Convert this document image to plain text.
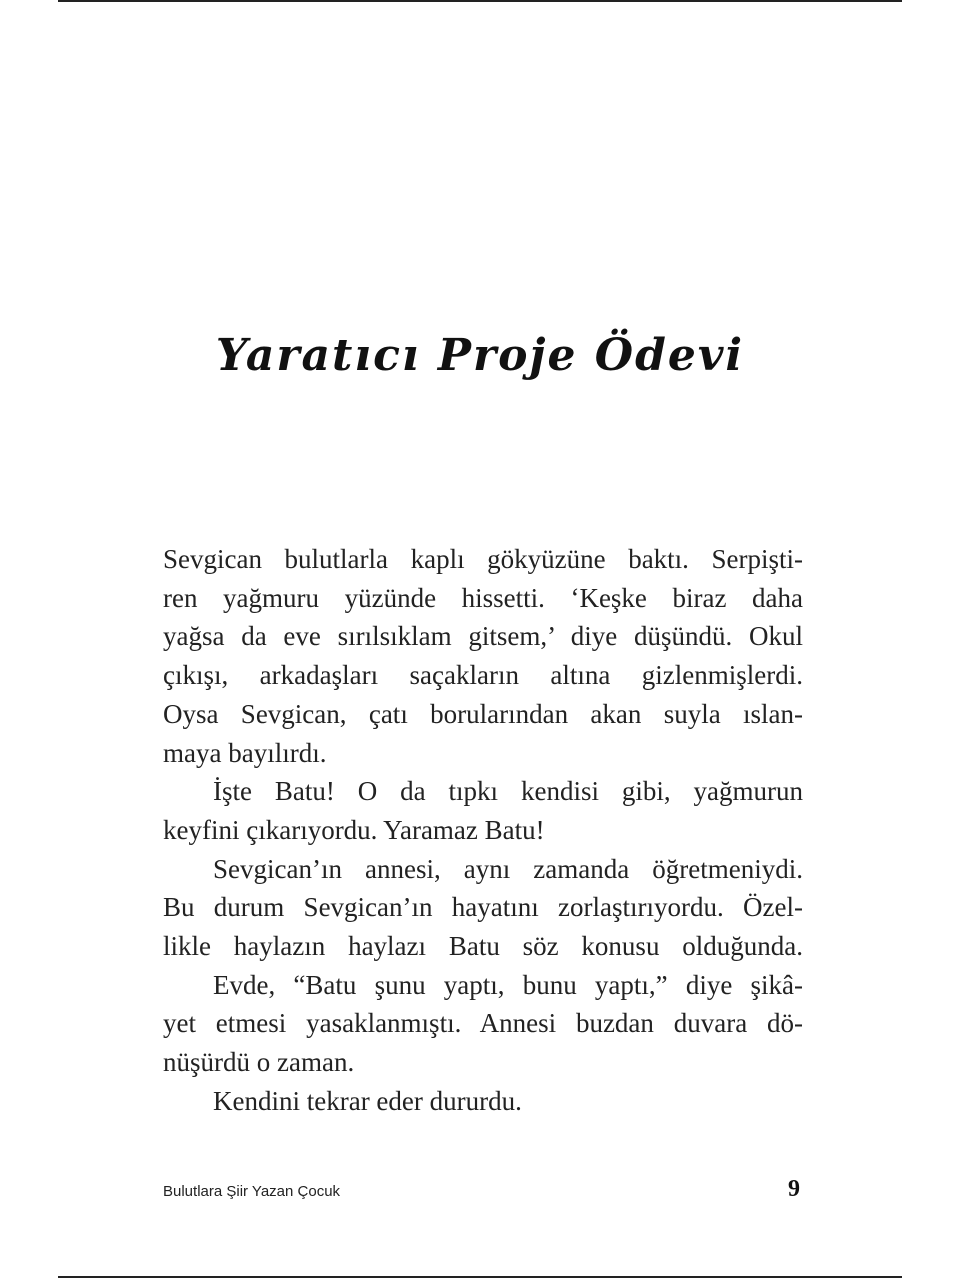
Yaratıcı Proje Ödevi
Sevgican bulutlarla kaplı gökyüzüne baktı. Serpişti-
ren yağmuru yüzünde hissetti. ‘Keşke biraz daha
yağsa da eve sırılsıklam gitsem,’ diye düşündü. Okul
çıkışı, arkadaşları saçakların altına gizlenmişlerdi.
Oysa Sevgican, çatı borularından akan suyla ıslan-
maya bayılırdı.
İşte Batu! O da tıpkı kendisi gibi, yağmurun
keyfini çıkarıyordu. Yaramaz Batu!
Sevgican’ın annesi, aynı zamanda öğretmeniydi.
Bu durum Sevgican’ın hayatını zorlaştırıyordu. Özel-
likle haylazın haylazı Batu söz konusu olduğunda.
Evde, “Batu şunu yaptı, bunu yaptı,” diye şikâ-
yet etmesi yasaklanmıştı. Annesi buzdan duvara dö-
nüşürdü o zaman.
Kendini tekrar eder dururdu.
Bulutlara Şiir Yazan Çocuk	9
